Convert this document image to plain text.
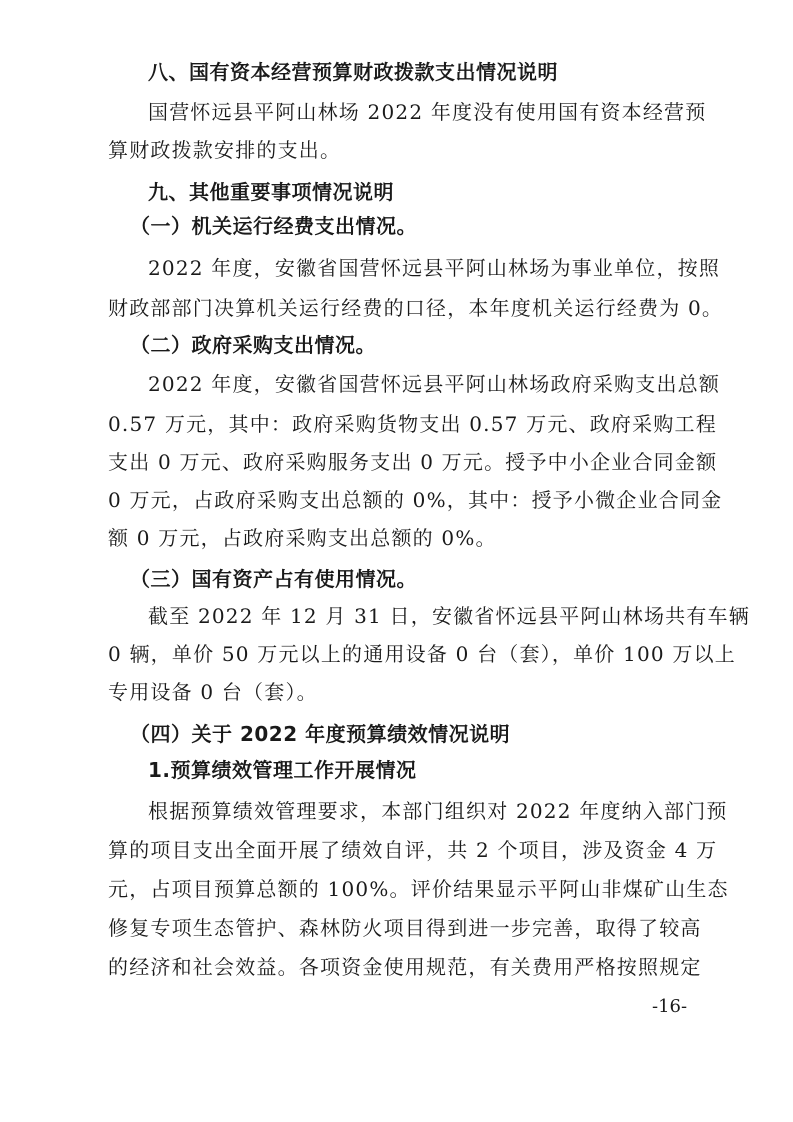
八、国有资本经营预算财政拨款支出情况说明
国营怀远县平阿山林场 2022 年度没有使用国有资本经营预
算财政拨款安排的支出。
九、其他重要事项情况说明
（一）机关运行经费支出情况。
2022 年度，安徽省国营怀远县平阿山林场为事业单位，按照
财政部部门决算机关运行经费的口径，本年度机关运行经费为 0。
（二）政府采购支出情况。
2022 年度，安徽省国营怀远县平阿山林场政府采购支出总额
0.57 万元，其中：政府采购货物支出 0.57 万元、政府采购工程
支出 0 万元、政府采购服务支出 0 万元。授予中小企业合同金额
0 万元，占政府采购支出总额的 0%，其中：授予小微企业合同金
额 0 万元，占政府采购支出总额的 0%。
（三）国有资产占有使用情况。
截至 2022 年 12 月 31 日，安徽省怀远县平阿山林场共有车辆
0 辆，单价 50 万元以上的通用设备 0 台（套），单价 100 万以上
专用设备 0 台（套）。
（四）关于 2022 年度预算绩效情况说明
1.预算绩效管理工作开展情况
根据预算绩效管理要求，本部门组织对 2022 年度纳入部门预
算的项目支出全面开展了绩效自评，共 2 个项目，涉及资金 4 万
元，占项目预算总额的 100%。评价结果显示平阿山非煤矿山生态
修复专项生态管护、森林防火项目得到进一步完善，取得了较高
的经济和社会效益。各项资金使用规范，有关费用严格按照规定
-16-
